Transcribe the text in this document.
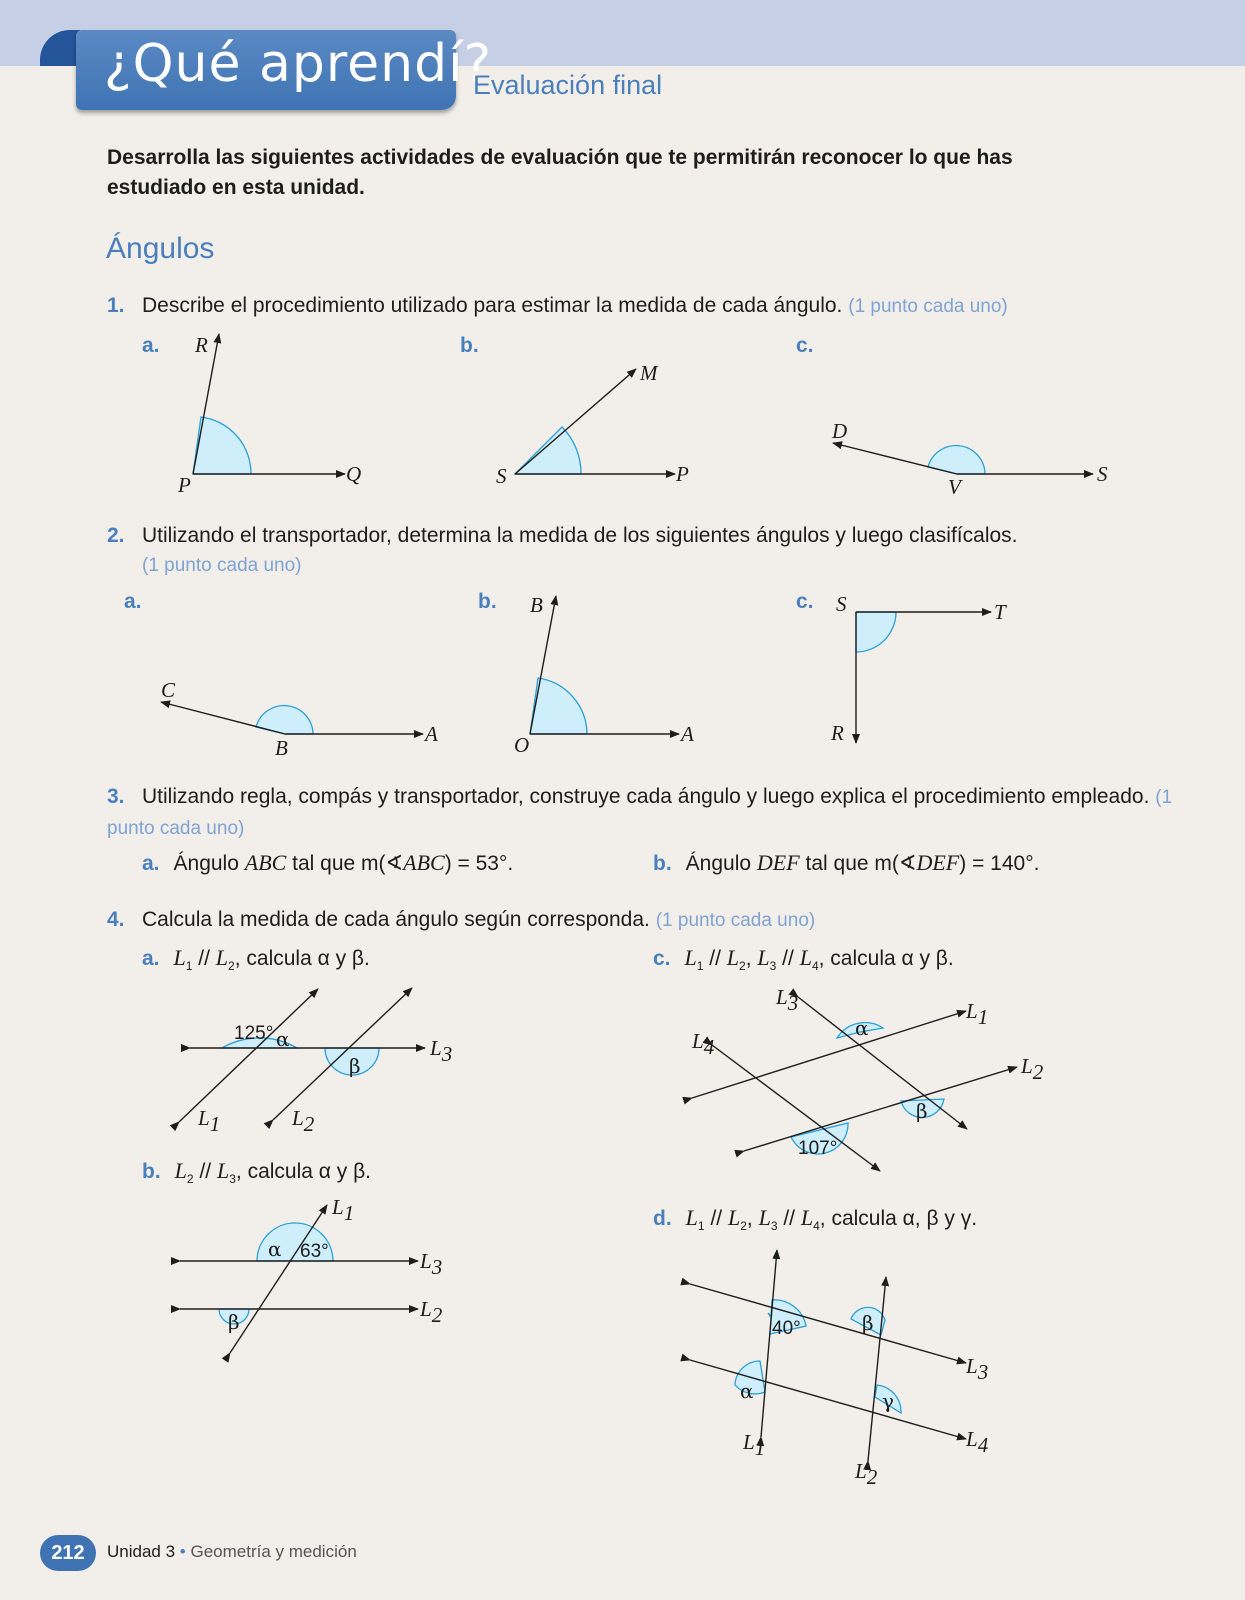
¿Qué aprendí?
Evaluación final
Desarrolla las siguientes actividades de evaluación que te permitirán reconocer lo que has estudiado en esta unidad.
Ángulos
1. Describe el procedimiento utilizado para estimar la medida de cada ángulo. (1 punto cada uno)
a.	b.	c.
R
Q
P
M
P
S
D
S
V
C
A
B
B
A
O
S	T
R
125° α
β
L1	L2
L3
α 63°
β
L1
L3
L2
α
β
107°
L3
L4
L1
L2
40°	β
α	γ
L1
L2
L3
L4
2. Utilizando el transportador, determina la medida de los siguientes ángulos y luego clasifícalos.
(1 punto cada uno)
a.	b.	c.
3. Utilizando regla, compás y transportador, construye cada ángulo y luego explica el procedimiento empleado. (1 punto cada uno)
a. Ángulo ABC tal que m(∢ABC) = 53°.	b. Ángulo DEF tal que m(∢DEF) = 140°.
4. Calcula la medida de cada ángulo según corresponda. (1 punto cada uno)
a. $L_1 // L_2$, calcula α y β.
b. $L_2 // L_3$, calcula α y β.
c. $L_1 // L_2$, $L_3 // L_4$, calcula α y β.
d. $L_1 // L_2$, $L_3 // L_4$, calcula α, β y γ.
212	Unidad 3 • Geometría y medición
